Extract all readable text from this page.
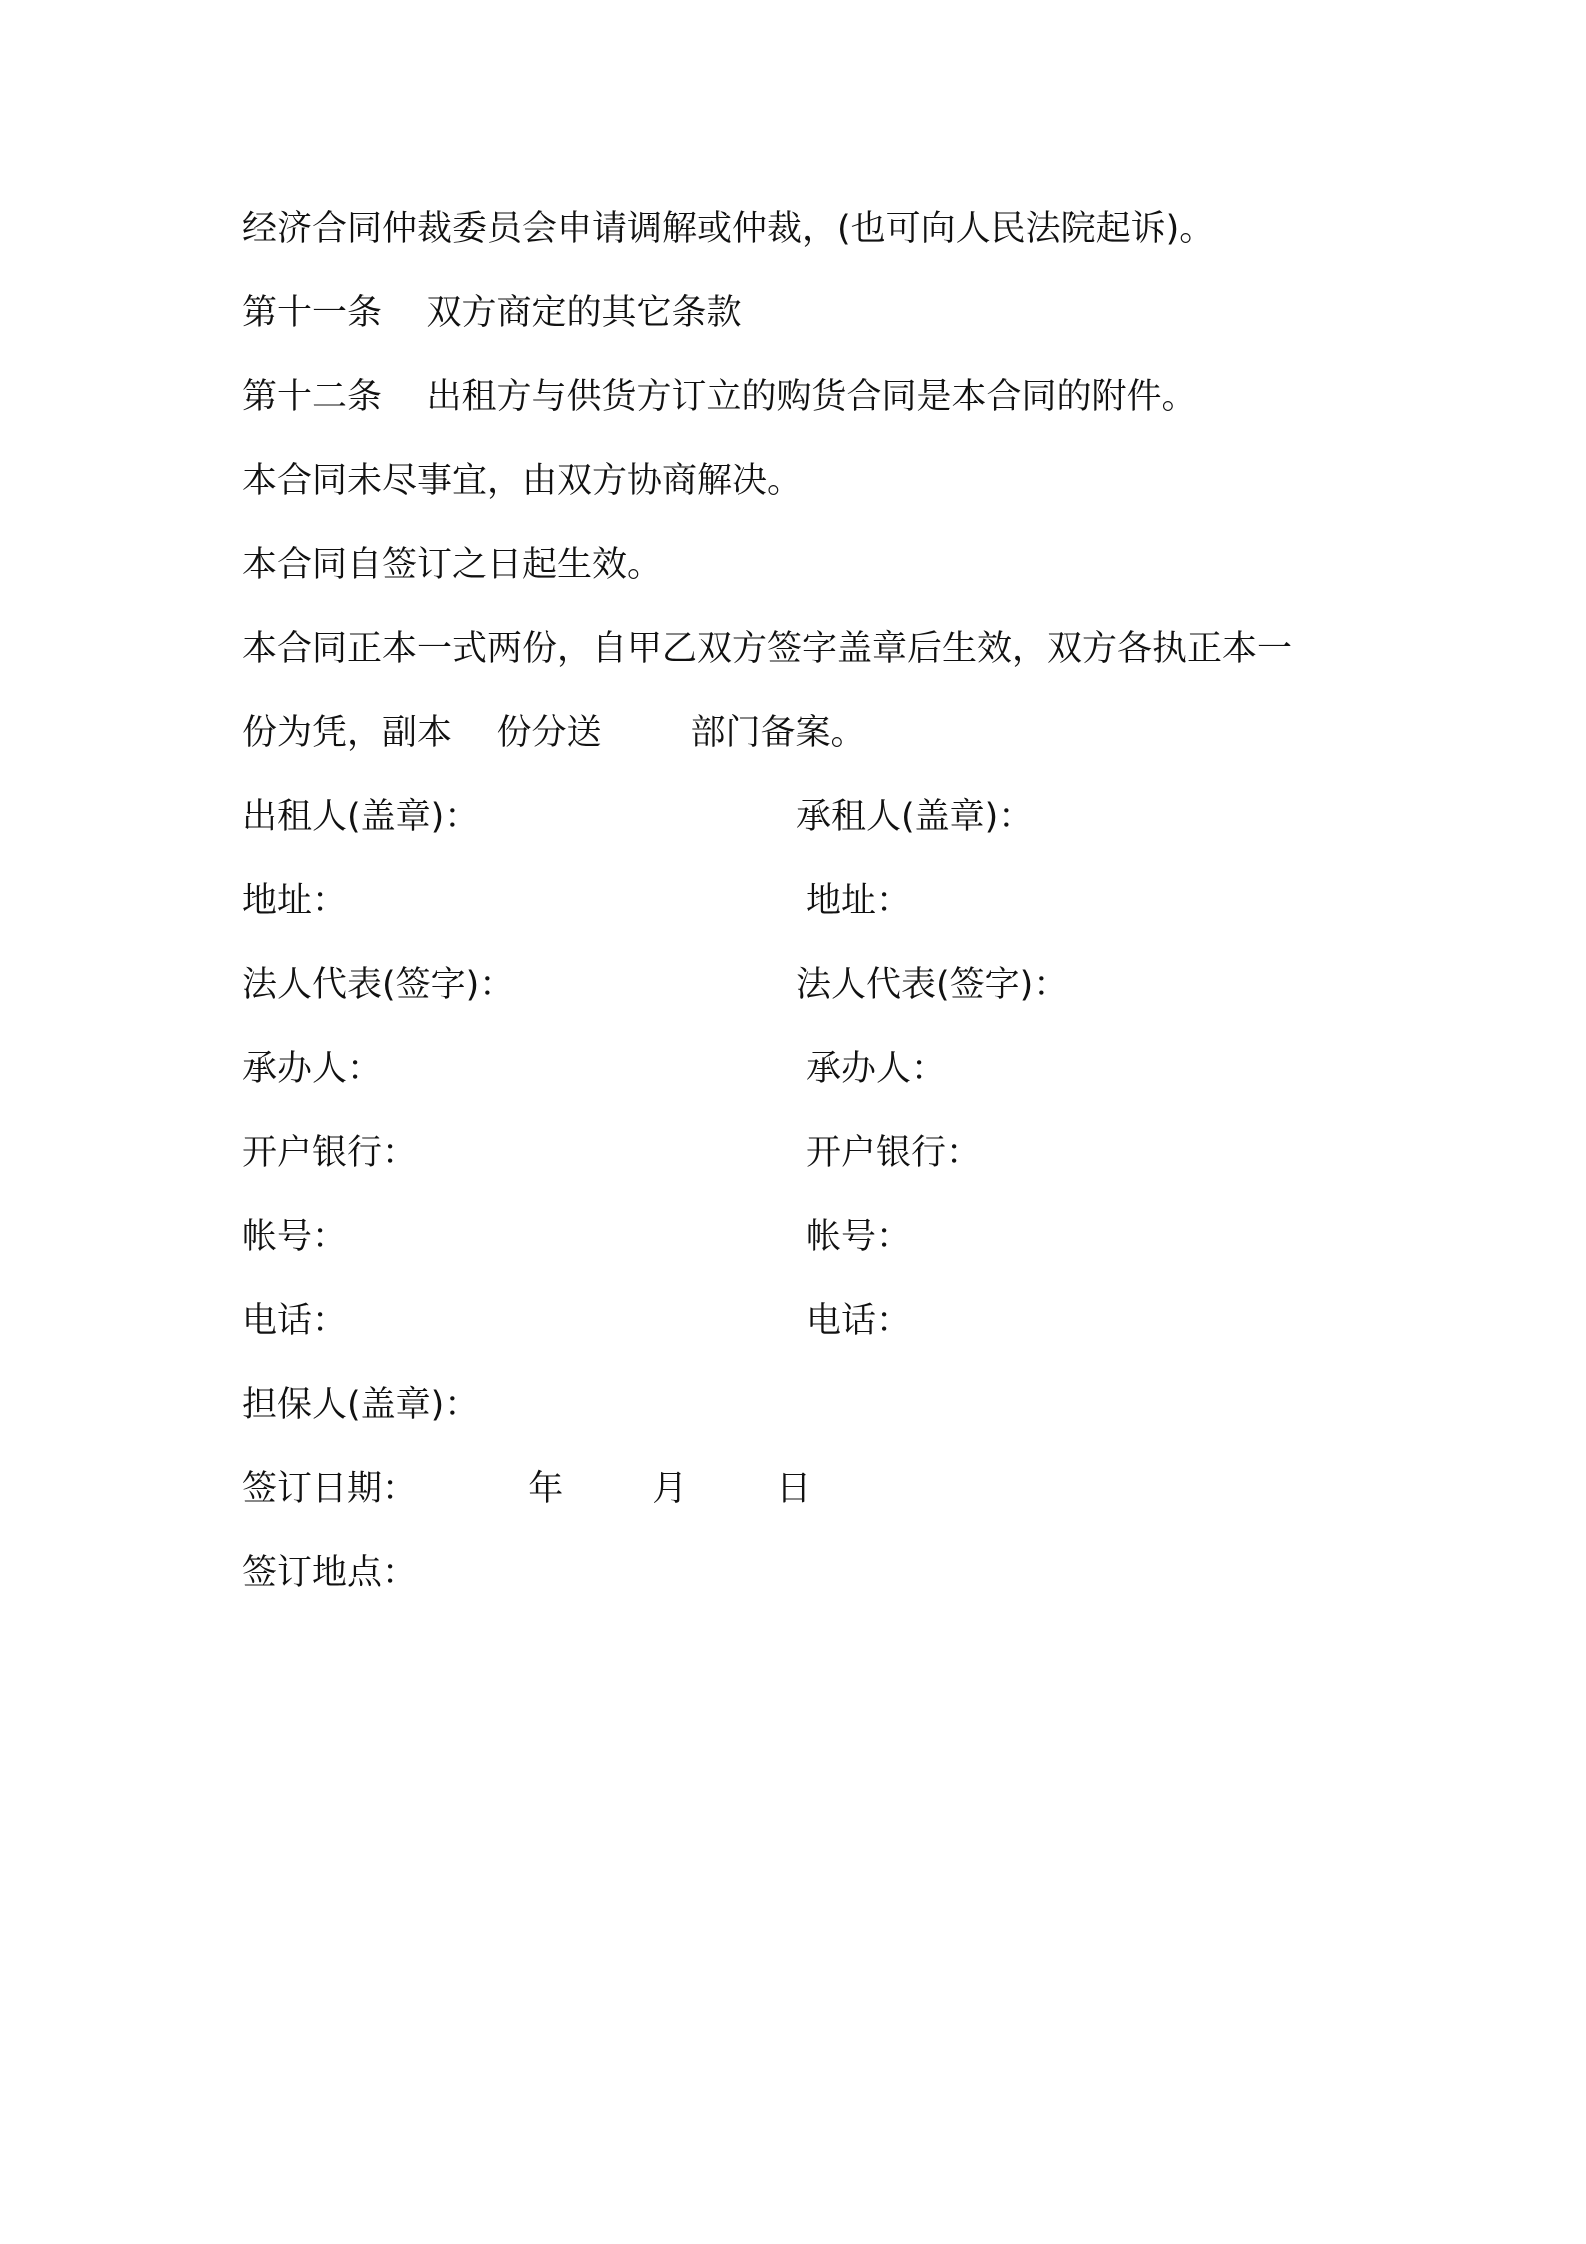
经济合同仲裁委员会申请调解或仲裁，(也可向人民法院起诉)。
第十一条    双方商定的其它条款
第十二条    出租方与供货方订立的购货合同是本合同的附件。
本合同未尽事宜，由双方协商解决。
本合同自签订之日起生效。
本合同正本一式两份，自甲乙双方签字盖章后生效，双方各执正本一
份为凭，副本    份分送        部门备案。
出租人(盖章)：	承租人(盖章)：
地址：	地址：
法人代表(签字)：	法人代表(签字)：
承办人：	承办人：
开户银行：	开户银行：
帐号：	帐号：
电话：	电话：
担保人(盖章)：
签订日期：          年        月        日
签订地点：
